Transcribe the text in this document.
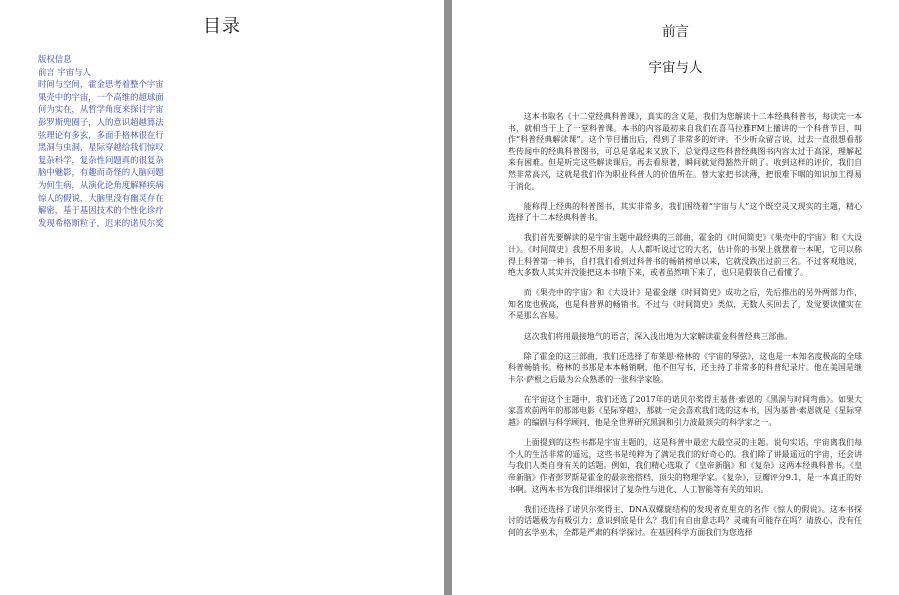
目录
版权信息
前言 宇宙与人
时间与空间，霍金思考着整个宇宙
果壳中的宇宙，一个高维的超球面
何为实在，从哲学角度来探讨宇宙
彭罗斯兜圈子，人的意识超越算法
弦理论有多玄，多面手格林很在行
黑洞与虫洞，星际穿越给我们惊叹
复杂科学，复杂性问题真的很复杂
脑中魅影，有趣而奇怪的人脑问题
为何生病，从演化论角度解释疾病
惊人的假说，大脑里没有幽灵存在
解密，基于基因技术的个性化诊疗
发现希格斯粒子，迟来的诺贝尔奖
前言
宇宙与人

这本书取名《十二堂经典科普课》，真实的含义是，我们为您解读十二本经典科普书，每读完一本书，就相当于上了一堂科普课。本书的内容最初来自我们在喜马拉雅FM上播讲的一个科普节目，叫作“科普经典解读课”。这个节目播出后，得到了非常多的好评。不少听众留言说，过去一直很想看那些传闻中的经典科普图书，可总是拿起来又放下，总觉得这些科普经典图书内容太过于高深，理解起来有困难。但是听完这些解读课后，再去看原著，瞬间就觉得豁然开朗了。收到这样的评价，我们自然非常高兴，这就是我们作为职业科普人的价值所在。替大家把书读薄，把很难下咽的知识加工得易于消化。

能称得上经典的科普图书，其实非常多，我们围绕着“宇宙与人”这个既空灵又现实的主题，精心选择了十二本经典科普书。

我们首先要解读的是宇宙主题中最经典的三部曲，霍金的《时间简史》《果壳中的宇宙》和《大设计》。《时间简史》我想不用多说，人人都听说过它的大名，估计你的书架上就摆着一本呢，它可以称得上科普第一神书，自打我们看到过科普书的畅销榜单以来，它就没跌出过前三名。不过客观地说，绝大多数人其实并没能把这本书啃下来，或者虽然啃下来了，也只是假装自己看懂了。

而《果壳中的宇宙》和《大设计》是霍金继《时间简史》成功之后，先后推出的另外两部力作，知名度也极高，也是科普界的畅销书。不过与《时间简史》类似，无数人买回去了，发觉要读懂实在不是那么容易。

这次我们将用最接地气的语言，深入浅出地为大家解读霍金科普经典三部曲。

除了霍金的这三部曲，我们还选择了布莱恩·格林的《宇宙的琴弦》，这也是一本知名度极高的全球科普畅销书。格林的书那是本本畅销啊，他不但写书，还主持了非常多的科普纪录片。他在美国是继卡尔·萨根之后最为公众熟悉的一张科学家脸。

在宇宙这个主题中，我们还选了2017年的诺贝尔奖得主基普·索恩的《黑洞与时间弯曲》。如果大家喜欢前两年的那部电影《星际穿越》，那就一定会喜欢我们选的这本书，因为基普·索恩就是《星际穿越》的编剧与科学顾问，他是全世界研究黑洞和引力波最顶尖的科学家之一。

上面提到的这些书都是宇宙主题的，这是科普中最宏大最空灵的主题。说句实话，宇宙离我们每个人的生活非常的遥远，这些书是纯粹为了满足我们的好奇心的。我们除了讲最遥远的宇宙，还会讲与我们人类自身有关的话题。例如，我们精心选取了《皇帝新脑》和《复杂》这两本经典科普书。《皇帝新脑》作者彭罗斯是霍金的最亲密搭档，顶尖的物理学家。《复杂》，豆瓣评分9.1，是一本真正的好书啊。这两本书为我们详细探讨了复杂性与进化、人工智能等有关的知识。

我们还选择了诺贝尔奖得主、DNA双螺旋结构的发现者克里克的名作《惊人的假说》。这本书探讨的话题极为有吸引力：意识到底是什么？我们有自由意志吗？灵魂有可能存在吗？请放心，没有任何的玄学巫术，全都是严肃的科学探讨。在基因科学方面我们为您选择
